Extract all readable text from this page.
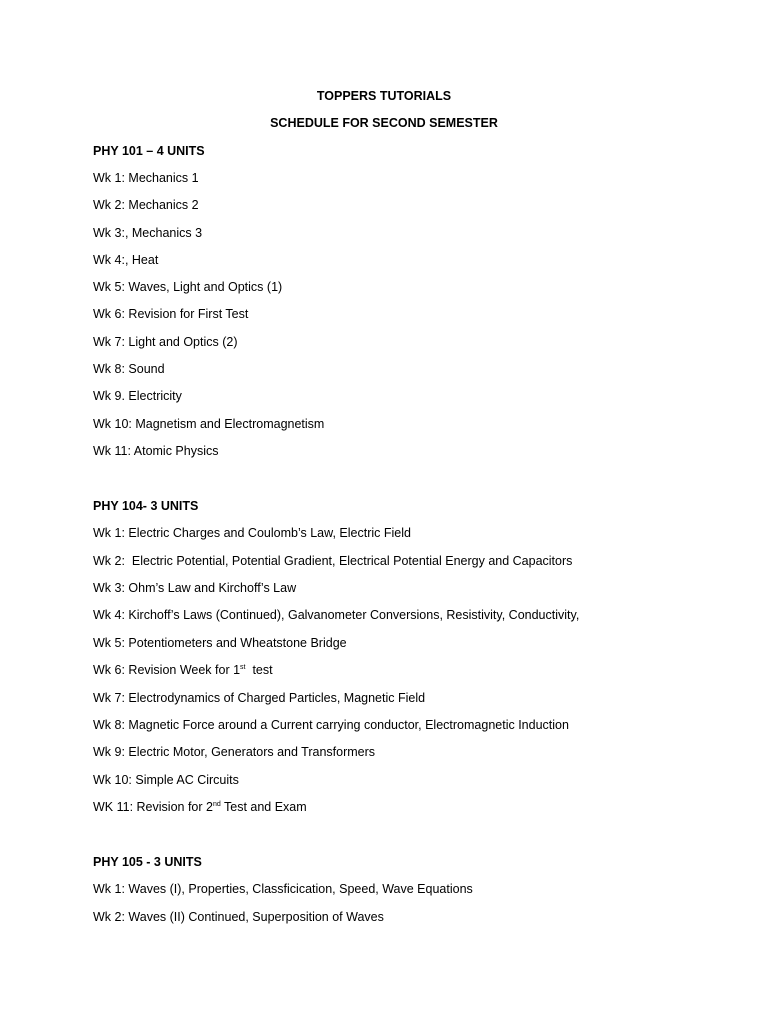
TOPPERS TUTORIALS
SCHEDULE FOR SECOND SEMESTER
PHY 101 – 4 UNITS
Wk 1: Mechanics 1
Wk 2: Mechanics 2
Wk 3:, Mechanics 3
Wk 4:, Heat
Wk 5: Waves, Light and Optics (1)
Wk 6: Revision for First Test
Wk 7: Light and Optics (2)
Wk 8: Sound
Wk 9. Electricity
Wk 10: Magnetism and Electromagnetism
Wk 11: Atomic Physics
PHY 104- 3 UNITS
Wk 1: Electric Charges and Coulomb’s Law, Electric Field
Wk 2:  Electric Potential, Potential Gradient, Electrical Potential Energy and Capacitors
Wk 3: Ohm’s Law and Kirchoff’s Law
Wk 4: Kirchoff’s Laws (Continued), Galvanometer Conversions, Resistivity, Conductivity,
Wk 5: Potentiometers and Wheatstone Bridge
Wk 6: Revision Week for 1st  test
Wk 7: Electrodynamics of Charged Particles, Magnetic Field
Wk 8: Magnetic Force around a Current carrying conductor, Electromagnetic Induction
Wk 9: Electric Motor, Generators and Transformers
Wk 10: Simple AC Circuits
WK 11: Revision for 2nd Test and Exam
PHY 105 - 3 UNITS
Wk 1: Waves (I), Properties, Classficication, Speed, Wave Equations
Wk 2: Waves (II) Continued, Superposition of Waves
